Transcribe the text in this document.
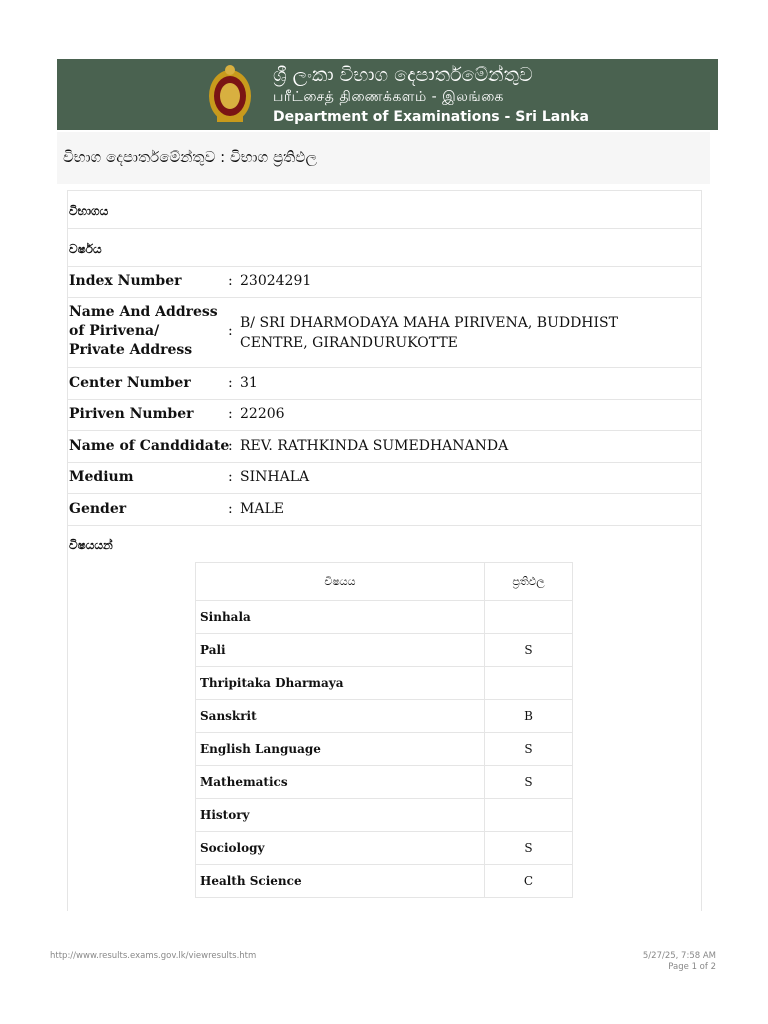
ශ්‍රී ලංකා විභාග දෙපාර්තමේන්තුව
பரீட்சைத் திணைக்களம் - இலங்கை
Department of Examinations - Sri Lanka
විභාග දෙපාර්තමේන්තුව : විභාග ප්‍රතිඵල
විභාගය
වර්ෂය
Index Number	: 23024291
Name And Address of Pirivena/ Private Address
: B/ SRI DHARMODAYA MAHA PIRIVENA, BUDDHIST CENTRE, GIRANDURUKOTTE
Center Number	: 31
Piriven Number : 22206
Name of Canddidate
: REV. RATHKINDA SUMEDHANANDA
Medium	: SINHALA
Gender	: MALE
විෂයයන්
විෂයය	ප්‍රතිඵල
Sinhala	
Pali	S
Thripitaka Dharmaya	
Sanskrit	B
English Language	S
Mathematics	S
History	
Sociology	S
Health Science	C
http://www.results.exams.gov.lk/viewresults.htm	5/27/25, 7:58 AM
Page 1 of 2
